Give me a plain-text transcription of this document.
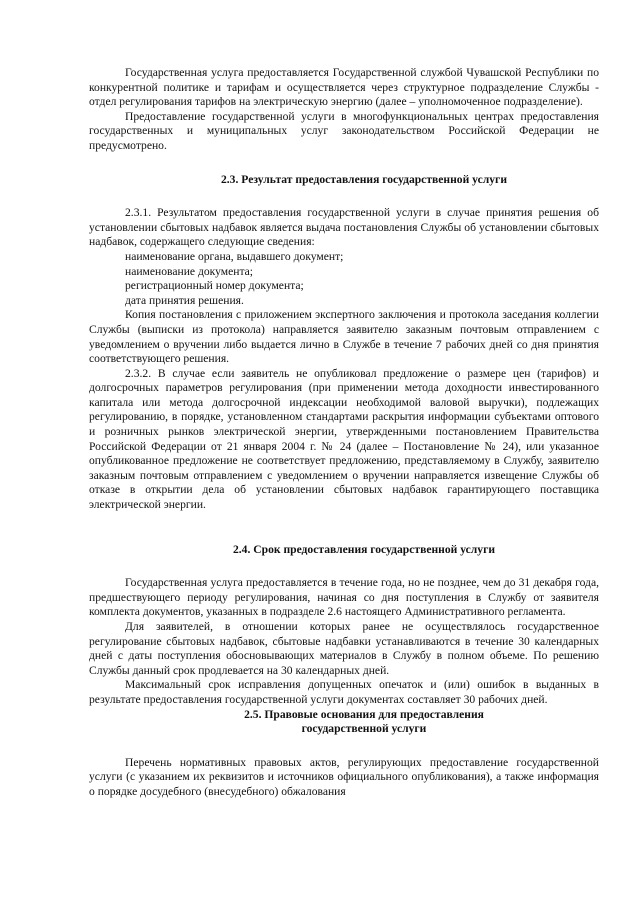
Государственная услуга предоставляется Государственной службой Чувашской Республики по конкурентной политике и тарифам и осуществляется через структурное подразделение Службы - отдел регулирования тарифов на электрическую энергию (далее – уполномоченное подразделение).

Предоставление государственной услуги в многофункциональных центрах предоставления государственных и муниципальных услуг законодательством Российской Федерации не предусмотрено.

2.3. Результат предоставления государственной услуги

2.3.1. Результатом предоставления государственной услуги в случае принятия решения об установлении сбытовых надбавок является выдача постановления Службы об установлении сбытовых надбавок, содержащего следующие сведения:

наименование органа, выдавшего документ;

наименование документа;

регистрационный номер документа;

дата принятия решения.

Копия постановления с приложением экспертного заключения и протокола заседания коллегии Службы (выписки из протокола) направляется заявителю заказным почтовым отправлением с уведомлением о вручении либо выдается лично в Службе в течение 7 рабочих дней со дня принятия соответствующего решения.

2.3.2. В случае если заявитель не опубликовал предложение о размере цен (тарифов) и долгосрочных параметров регулирования (при применении метода доходности инвестированного капитала или метода долгосрочной индексации необходимой валовой выручки), подлежащих регулированию, в порядке, установленном стандартами раскрытия информации субъектами оптового и розничных рынков электрической энергии, утвержденными постановлением Правительства Российской Федерации от 21 января 2004 г. № 24 (далее – Постановление № 24), или указанное опубликованное предложение не соответствует предложению, представляемому в Службу, заявителю заказным почтовым отправлением с уведомлением о вручении направляется извещение Службы об отказе в открытии дела об установлении сбытовых надбавок гарантирующего поставщика электрической энергии.

2.4. Срок предоставления государственной услуги

Государственная услуга предоставляется в течение года, но не позднее, чем до 31 декабря года, предшествующего периоду регулирования, начиная со дня поступления в Службу от заявителя комплекта документов, указанных в подразделе 2.6 настоящего Административного регламента.

Для заявителей, в отношении которых ранее не осуществлялось государственное регулирование сбытовых надбавок, сбытовые надбавки устанавливаются в течение 30 календарных дней с даты поступления обосновывающих материалов в Службу в полном объеме. По решению Службы данный срок продлевается на 30 календарных дней.

Максимальный срок исправления допущенных опечаток и (или) ошибок в выданных в результате предоставления государственной услуги документах составляет 30 рабочих дней.

2.5. Правовые основания для предоставления
государственной услуги

Перечень нормативных правовых актов, регулирующих предоставление государственной услуги (с указанием их реквизитов и источников официального опубликования), а также информация о порядке досудебного (внесудебного) обжалования
